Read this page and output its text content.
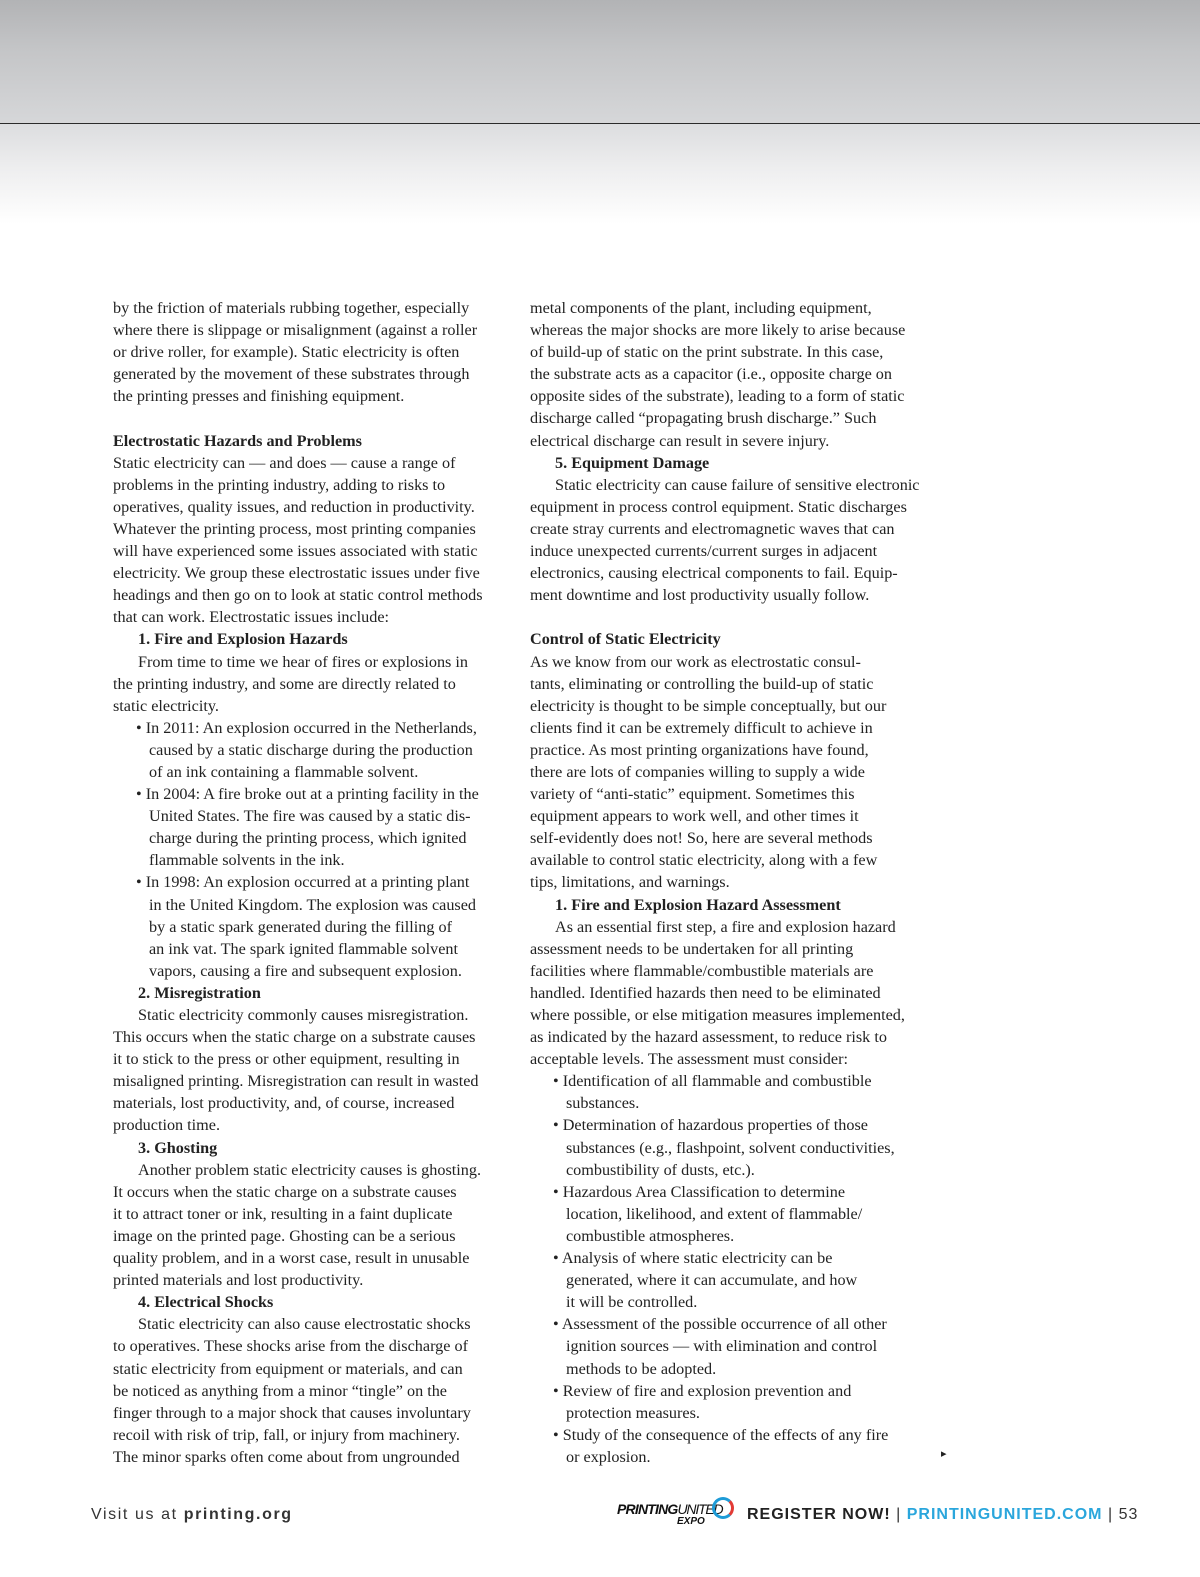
by the friction of materials rubbing together, especially
where there is slippage or misalignment (against a roller
or drive roller, for example). Static electricity is often
generated by the movement of these substrates through
the printing presses and finishing equipment.
Electrostatic Hazards and Problems
Static electricity can — and does — cause a range of
problems in the printing industry, adding to risks to
operatives, quality issues, and reduction in productivity.
Whatever the printing process, most printing companies
will have experienced some issues associated with static
electricity. We group these electrostatic issues under five
headings and then go on to look at static control methods
that can work. Electrostatic issues include:
1. Fire and Explosion Hazards
From time to time we hear of fires or explosions in
the printing industry, and some are directly related to
static electricity.
• In 2011: An explosion occurred in the Netherlands,
caused by a static discharge during the production
of an ink containing a flammable solvent.
• In 2004: A fire broke out at a printing facility in the
United States. The fire was caused by a static dis-
charge during the printing process, which ignited
flammable solvents in the ink.
• In 1998: An explosion occurred at a printing plant
in the United Kingdom. The explosion was caused
by a static spark generated during the filling of
an ink vat. The spark ignited flammable solvent
vapors, causing a fire and subsequent explosion.
2. Misregistration
Static electricity commonly causes misregistration.
This occurs when the static charge on a substrate causes
it to stick to the press or other equipment, resulting in
misaligned printing. Misregistration can result in wasted
materials, lost productivity, and, of course, increased
production time.
3. Ghosting
Another problem static electricity causes is ghosting.
It occurs when the static charge on a substrate causes
it to attract toner or ink, resulting in a faint duplicate
image on the printed page. Ghosting can be a serious
quality problem, and in a worst case, result in unusable
printed materials and lost productivity.
4. Electrical Shocks
Static electricity can also cause electrostatic shocks
to operatives. These shocks arise from the discharge of
static electricity from equipment or materials, and can
be noticed as anything from a minor “tingle” on the
finger through to a major shock that causes involuntary
recoil with risk of trip, fall, or injury from machinery.
The minor sparks often come about from ungrounded
metal components of the plant, including equipment,
whereas the major shocks are more likely to arise because
of build-up of static on the print substrate. In this case,
the substrate acts as a capacitor (i.e., opposite charge on
opposite sides of the substrate), leading to a form of static
discharge called “propagating brush discharge.” Such
electrical discharge can result in severe injury.
5. Equipment Damage
Static electricity can cause failure of sensitive electronic
equipment in process control equipment. Static discharges
create stray currents and electromagnetic waves that can
induce unexpected currents/current surges in adjacent
electronics, causing electrical components to fail. Equip-
ment downtime and lost productivity usually follow.
Control of Static Electricity
As we know from our work as electrostatic consul-
tants, eliminating or controlling the build-up of static
electricity is thought to be simple conceptually, but our
clients find it can be extremely difficult to achieve in
practice. As most printing organizations have found,
there are lots of companies willing to supply a wide
variety of “anti-static” equipment. Sometimes this
equipment appears to work well, and other times it
self-evidently does not! So, here are several methods
available to control static electricity, along with a few
tips, limitations, and warnings.
1. Fire and Explosion Hazard Assessment
As an essential first step, a fire and explosion hazard
assessment needs to be undertaken for all printing
facilities where flammable/combustible materials are
handled. Identified hazards then need to be eliminated
where possible, or else mitigation measures implemented,
as indicated by the hazard assessment, to reduce risk to
acceptable levels. The assessment must consider:
• Identification of all flammable and combustible
substances.
• Determination of hazardous properties of those
substances (e.g., flashpoint, solvent conductivities,
combustibility of dusts, etc.).
• Hazardous Area Classification to determine
location, likelihood, and extent of flammable/
combustible atmospheres.
• Analysis of where static electricity can be
generated, where it can accumulate, and how
it will be controlled.
• Assessment of the possible occurrence of all other
ignition sources — with elimination and control
methods to be adopted.
• Review of fire and explosion prevention and
protection measures.
• Study of the consequence of the effects of any fire
or explosion.	▸
Visit us at printing.org	PRINTINGUNITED
EXPO	REGISTER NOW! | PRINTINGUNITED.COM | 53
